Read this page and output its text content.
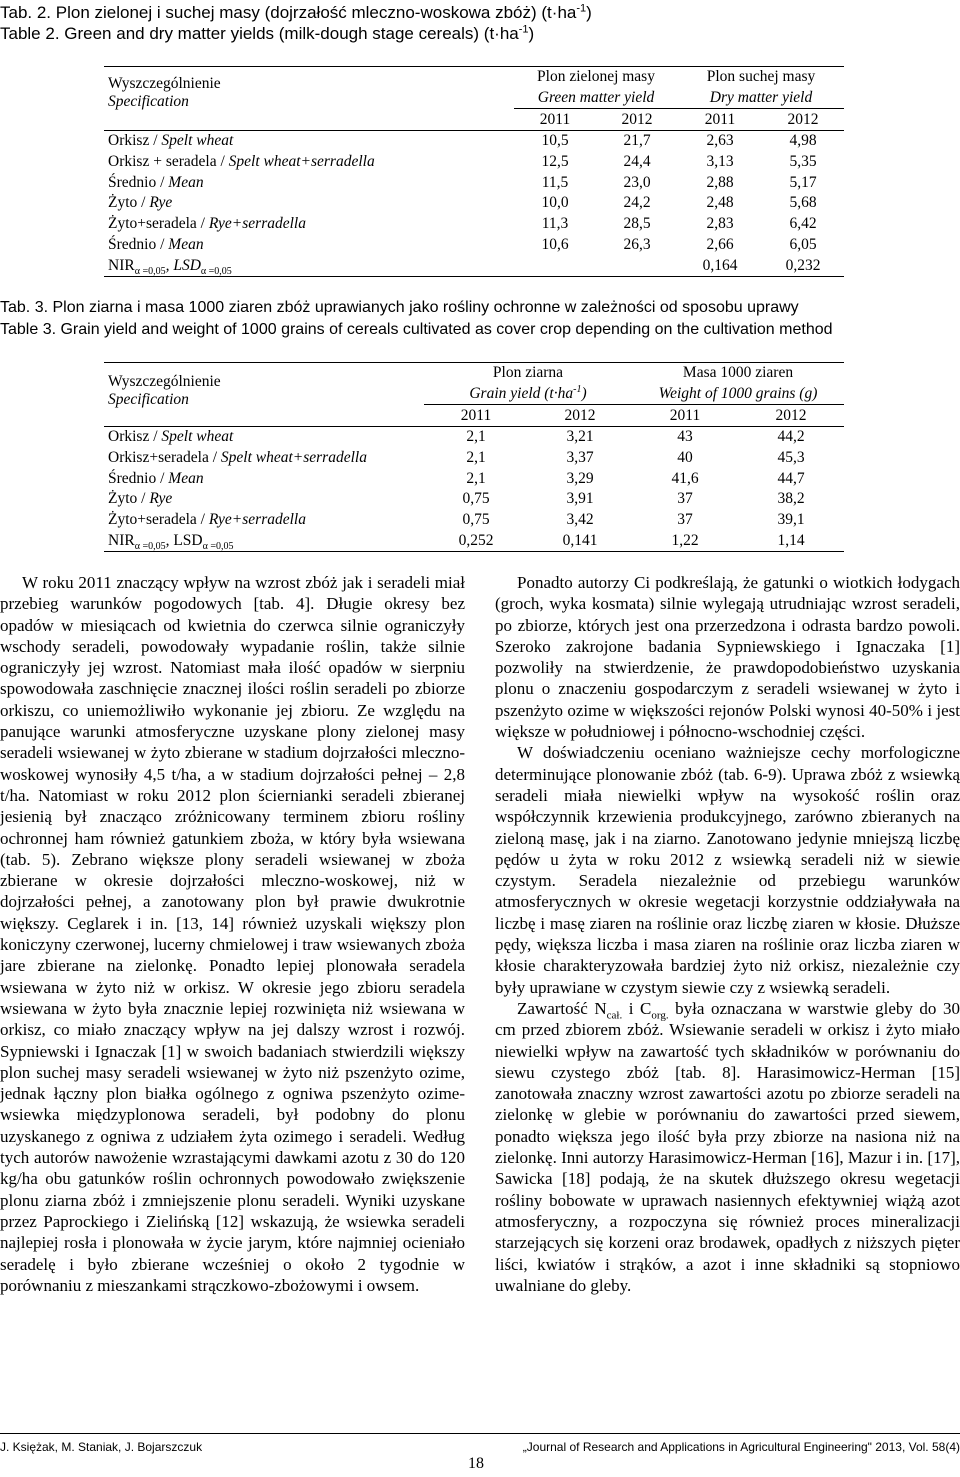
Tab. 2. Plon zielonej i suchej masy (dojrzałość mleczno-woskowa zbóż) $(t\cdot ha^{-1})$
Table 2. Green and dry matter yields (milk-dough stage cereals) $(t\cdot ha^{-1})$
Wyszczególnienie
Specification	Plon zielonej masy		Plon suchej masy	

	Green matter yield		Dry matter yield	
	2011	2012	2011	2012
Orkisz / Spelt wheat	10,5	21,7	2,63	4,98
Orkisz + seradela / Spelt wheat+serradella	12,5	24,4	3,13	5,35
Średnio / Mean	11,5	23,0	2,88	5,17
Żyto / Rye	10,0	24,2	2,48	5,68
Żyto+seradela / Rye+serradella	11,3	28,5	2,83	6,42
Średnio / Mean	10,6	26,3	2,66	6,05
$NIR_{\alpha =0,05}$, $LSD_{\alpha =0,05}$			0,164	0,232
Tab. 3. Plon ziarna i masa 1000 ziaren zbóż uprawianych jako rośliny ochronne w zależności od sposobu uprawy
Table 3. Grain yield and weight of 1000 grains of cereals cultivated as cover crop depending on the cultivation method
Wyszczególnienie
Specification	Plon ziarna		Masa 1000 ziaren	
	Grain yield $(t\cdot ha^{-1})$		Weight of 1000 grains (g)	
	2011	2012	2011	2012
Orkisz / Spelt wheat	2,1	3,21	43	44,2
Orkisz+seradela / Spelt wheat+serradella	2,1	3,37	40	45,3
Średnio / Mean	2,1	3,29	41,6	44,7
Żyto / Rye	0,75	3,91	37	38,2
Żyto+seradela / Rye+serradella	0,75	3,42	37	39,1
$NIR_{\alpha =0,05}$, $LSD_{\alpha =0,05}$	0,252	0,141	1,22	1,14

W roku 2011 znaczący wpływ na wzrost zbóż jak i seradeli miał przebieg warunków pogodowych [tab. 4]. Długie okresy bez opadów w miesiącach od kwietnia do czerwca silnie ograniczyły wschody seradeli, powodowały wypadanie roślin, także silnie ograniczyły jej wzrost. Natomiast mała ilość opadów w sierpniu spowodowała zaschnięcie znacznej ilości roślin seradeli po zbiorze orkiszu, co uniemożliwiło wykonanie jej zbioru. Ze względu na panujące warunki atmosferyczne uzyskane plony zielonej masy seradeli wsiewanej w żyto zbierane w stadium dojrzałości mleczno-woskowej wynosiły 4,5 t/ha, a w stadium dojrzałości pełnej – 2,8 t/ha. Natomiast w roku 2012 plon ścierniankі seradeli zbieranej jesienią był znacząco zróżnicowany terminem zbioru rośliny ochronnej ham również gatunkiem zboża, w który była wsiewana (tab. 5). Zebrano większe plony seradeli wsiewanej w zboża zbierane w okresie dojrzałości mleczno-woskowej, niż w dojrzałości pełnej, a zanotowany plon był prawie dwukrotnie większy. Ceglarek i in. [13, 14] również uzyskali większy plon koniczyny czerwonej, lucerny chmielowej i traw wsiewanych zboża jare zbierane na zielonkę. Ponadto lepiej plonowała seradela wsiewana w żyto niż w orkisz. W okresie jego zbioru seradela wsiewana w żyto była znacznie lepiej rozwinięta niż wsiewana w orkisz, co miało znaczący wpływ na jej dalszy wzrost i rozwój. Sypniewski i Ignaczak [1] w swoich badaniach stwierdzili większy plon suchej masy seradeli wsiewanej w żyto niż pszenżyto ozime, jednak łączny plon białka ogólnego z ogniwa pszenżyto ozime-wsiewka międzyplonowa seradeli, był podobny do plonu uzyskanego z ogniwa z udziałem żyta ozimego i seradeli. Według tych autorów nawożenie wzrastającymi dawkami azotu z 30 do 120 kg/ha obu gatunków roślin ochronnych powodowało zwiększenie plonu ziarna zbóż i zmniejszenie plonu seradeli. Wyniki uzyskane przez Paprockiego i Zielińską [12] wskazują, że wsiewka seradeli najlepiej rosła i plonowała w życie jarym, które najmniej ocieniało seradelę i było zbierane wcześniej o około 2 tygodnie w porównaniu z mieszankami strączkowo-zbożowymi i owsem.

Ponadto autorzy Ci podkreślają, że gatunki o wiotkich łodygach (groch, wyka kosmata) silnie wylegają utrudniając wzrost seradeli, po zbiorze, których jest ona przerzedzona i odrasta bardzo powoli. Szeroko zakrojone badania Sypniewskiego i Ignaczaka [1] pozwoliły na stwierdzenie, że prawdopodobieństwo uzyskania plonu o znaczeniu gospodarczym z seradeli wsiewanej w żyto i pszenżyto ozime w większości rejonów Polski wynosi 40-50% i jest większe w południowej i północno-wschodniej części.

W doświadczeniu oceniano ważniejsze cechy morfologiczne determinujące plonowanie zbóż (tab. 6-9). Uprawa zbóż z wsiewką seradeli miała niewielki wpływ na wysokość roślin oraz współczynnik krzewienia produkcyjnego, zarówno zbieranych na zieloną masę, jak i na ziarno. Zanotowano jedynie mniejszą liczbę pędów u żyta w roku 2012 z wsiewką seradeli niż w siewie czystym. Seradela niezależnie od przebiegu warunków atmosferycznych w okresie wegetacji korzystnie oddziaływała na liczbę i masę ziaren na roślinie oraz liczbę ziaren w kłosie. Dłuższe pędy, większa liczba i masa ziaren na roślinie oraz liczba ziaren w kłosie charakteryzowała bardziej żyto niż orkisz, niezależnie czy były uprawiane w czystym siewie czy z wsiewką seradeli.

Zawartość $N_{cał.}$ i $C_{org.}$ była oznaczana w warstwie gleby do 30 cm przed zbiorem zbóż. Wsiewanie seradeli w orkisz i żyto miało niewielki wpływ na zawartość tych składników w porównaniu do siewu czystego zbóż [tab. 8]. Harasimowicz-Herman [15] zanotowała znaczny wzrost zawartości azotu po zbiorze seradeli na zielonkę w glebie w porównaniu do zawartości przed siewem, ponadto większa jego ilość była przy zbiorze na nasiona niż na zielonkę. Inni autorzy Harasimowicz-Herman [16], Mazur i in. [17], Sawicka [18] podają, że na skutek dłuższego okresu wegetacji rośliny bobowate w uprawach nasiennych efektywniej wiążą azot atmosferyczny, a rozpoczyna się również proces mineralizacji starzejących się korzeni oraz brodawek, opadłych z niższych pięter liści, kwiatów i strąków, a azot i inne składniki są stopniowo uwalniane do gleby.

J. Księżak, M. Staniak, J. Bojarszczuk
18
„Journal of Research and Applications in Agricultural Engineering" 2013, Vol. 58(4)
